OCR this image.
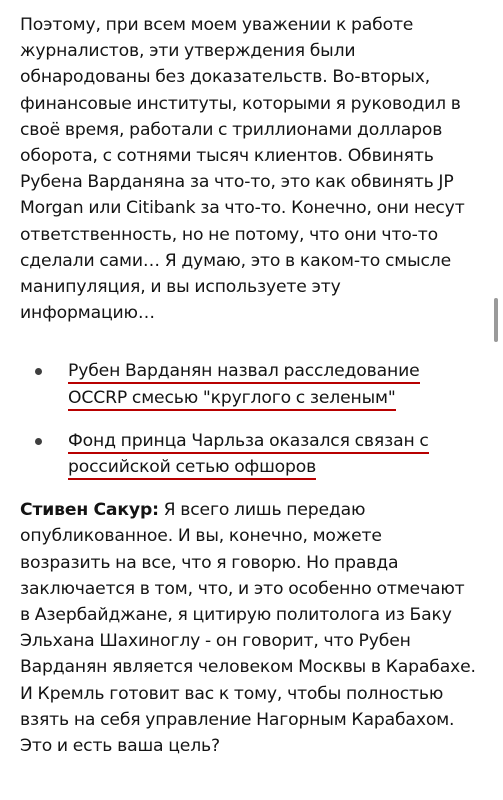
Поэтому, при всем моем уважении к работе журналистов, эти утверждения были обнародованы без доказательств. Во-вторых, финансовые институты, которыми я руководил в своё время, работали с триллионами долларов оборота, с сотнями тысяч клиентов. Обвинять Рубена Варданяна за что-то, это как обвинять JP Morgan или Citibank за что-то. Конечно, они несут ответственность, но не потому, что они что-то сделали сами… Я думаю, это в каком-то смысле манипуляция, и вы используете эту информацию…

Рубен Варданян назвал расследование OCCRP смесью "круглого с зеленым"
Фонд принца Чарльза оказался связан с российской сетью офшоров

Стивен Сакур: Я всего лишь передаю опубликованное. И вы, конечно, можете возразить на все, что я говорю. Но правда заключается в том, что, и это особенно отмечают в Азербайджане, я цитирую политолога из Баку Эльхана Шахиноглу - он говорит, что Рубен Варданян является человеком Москвы в Карабахе. И Кремль готовит вас к тому, чтобы полностью взять на себя управление Нагорным Карабахом. Это и есть ваша цель?
